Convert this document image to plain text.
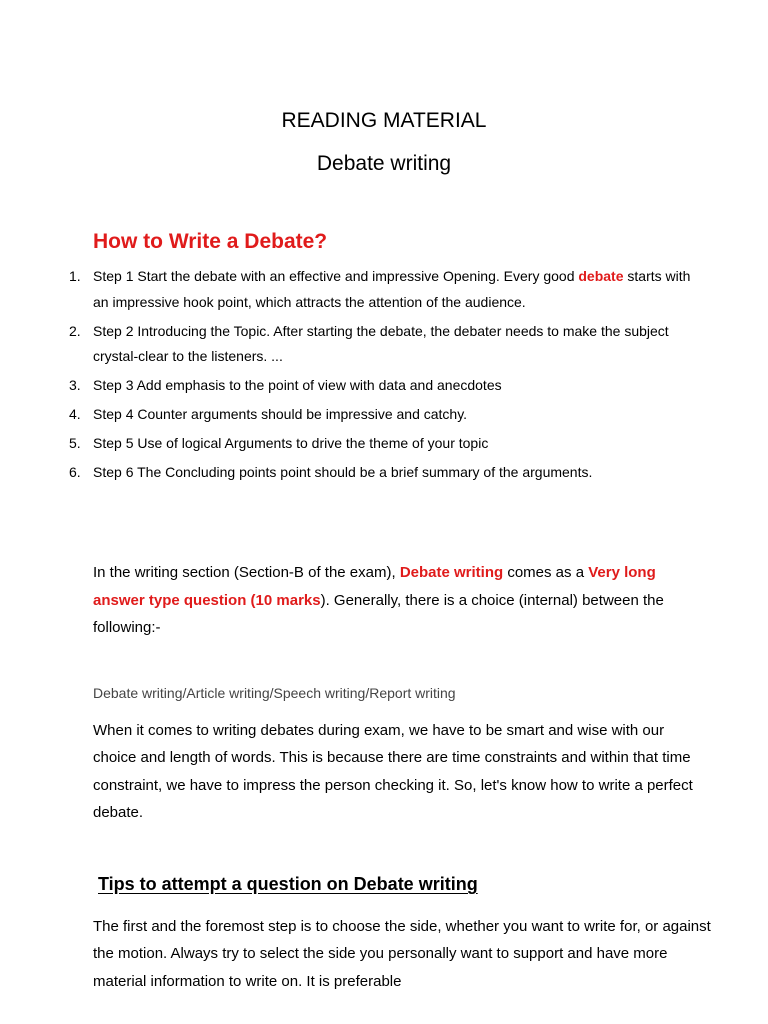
READING MATERIAL
Debate writing
How to Write a Debate?
1. Step 1 Start the debate with an effective and impressive Opening. Every good debate starts with an impressive hook point, which attracts the attention of the audience.
2. Step 2 Introducing the Topic. After starting the debate, the debater needs to make the subject crystal-clear to the listeners. ...
3. Step 3 Add emphasis to the point of view with data and anecdotes
4. Step 4 Counter arguments should be impressive and catchy.
5. Step 5 Use of logical Arguments to drive the theme of your topic
6. Step 6 The Concluding points point should be a brief summary of the arguments.
In the writing section (Section-B of the exam), Debate writing comes as a Very long answer type question (10 marks). Generally, there is a choice (internal) between the following:-
Debate writing/Article writing/Speech writing/Report writing
When it comes to writing debates during exam, we have to be smart and wise with our choice and length of words. This is because there are time constraints and within that time constraint, we have to impress the person checking it. So, let's know how to write a perfect debate.
Tips to attempt a question on Debate writing
The first and the foremost step is to choose the side, whether you want to write for, or against the motion. Always try to select the side you personally want to support and have more material information to write on. It is preferable
